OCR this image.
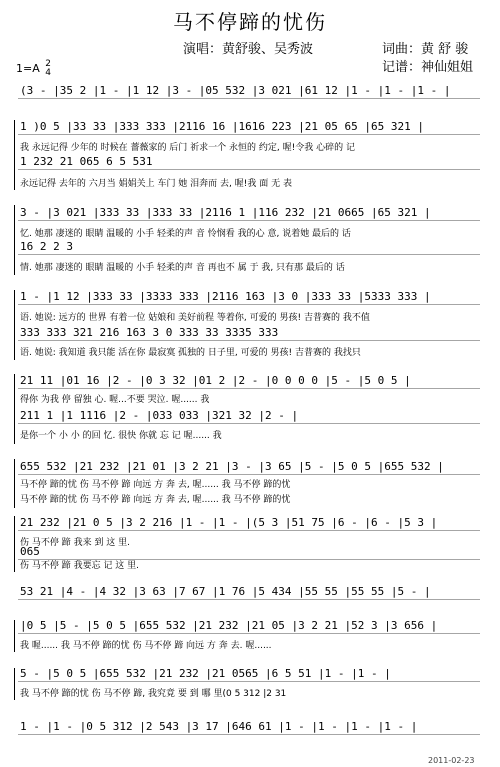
马不停蹄的忧伤
演唱：黄舒骏、吴秀波	词曲：黄 舒 骏
记谱：神仙姐姐
1=A 2
4
(3 - |35 2 |1 - |1 12 |3 - |05 532 |3 021 |61 12 |1 - |1 - |1 - |
1 )0 5 |33 33 |333 333 |2116 16 |1616 223 |21 05 65 |65 321 |
我 永远记得 少年的 时候在 薔薇家的 后门 祈求一个 永恒的 约定, 喔!令我 心碎的 记
1 232 21 065 6 5 531
永远记得 去年的 六月当 娟娟关上 车门 她 泪奔而 去, 喔!我 面 无 表
3 - |3 021 |333 33 |333 33 |2116 1 |116 232 |21 0665 |65 321 |
忆. 她那 凄迷的 眼睛 温暖的 小手 轻柔的声 音 怜悯看 我的心 意, 说着她 最后的 话
16 2 2 3
情. 她那 凄迷的 眼睛 温暖的 小手 轻柔的声 音 再也不 属 于 我, 只有那 最后的 话
1 - |1 12 |333 33 |3333 333 |2116 163 |3 0 |333 33 |5333 333 |
语. 她说: 远方的 世界 有着一位 姑娘和 美好前程 等着你, 可爱的 男孩! 吉普赛的 我不值
333 333 321 216 163 3 0 333 33 3335 333
语. 她说: 我知道 我只能 活在你 最寂寞 孤独的 日子里, 可爱的 男孩! 吉普赛的 我找只
21 11 |01 16 |2 - |0 3 32 |01 2 |2 - |0 0 0 0 |5 - |5 0 5 |
得你 为我 停 留独 心. 喔...不要 哭泣. 喔...... 我
211 1 |1 1116 |2 - |033 033 |321 32 |2 - |
是你一个 小 小 的回 忆. 很快 你就 忘 记 喔...... 我
655 532 |21 232 |21 01 |3 2 21 |3 - |3 65 |5 - |5 0 5 |655 532 |
马不停 蹄的忧 伤 马不停 蹄 向远 方 奔 去, 喔...... 我 马不停 蹄的忧
马不停 蹄的忧 伤 马不停 蹄 向远 方 奔 去, 喔...... 我 马不停 蹄的忧
21 232 |21 0 5 |3 2 216 |1 - |1 - |(5 3 |51 75 |6 - |6 - |5 3 |
伤 马不停 蹄 我来 到 这 里.
065
伤 马不停 蹄 我要忘 记 这 里.
53 21 |4 - |4 32 |3 63 |7 67 |1 76 |5 434 |55 55 |55 55 |5 - |
|0 5 |5 - |5 0 5 |655 532 |21 232 |21 05 |3 2 21 |52 3 |3 656 |
我 喔...... 我 马不停 蹄的忧 伤 马不停 蹄 向远 方 奔 去. 喔......
5 - |5 0 5 |655 532 |21 232 |21 0565 |6 5 51 |1 - |1 - |
我 马不停 蹄的忧 伤 马不停 蹄, 我究竟 要 到 哪 里(0 5 312 |2 31
1 - |1 - |0 5 312 |2 543 |3 17 |646 61 |1 - |1 - |1 - |1 - |
2011-02-23
